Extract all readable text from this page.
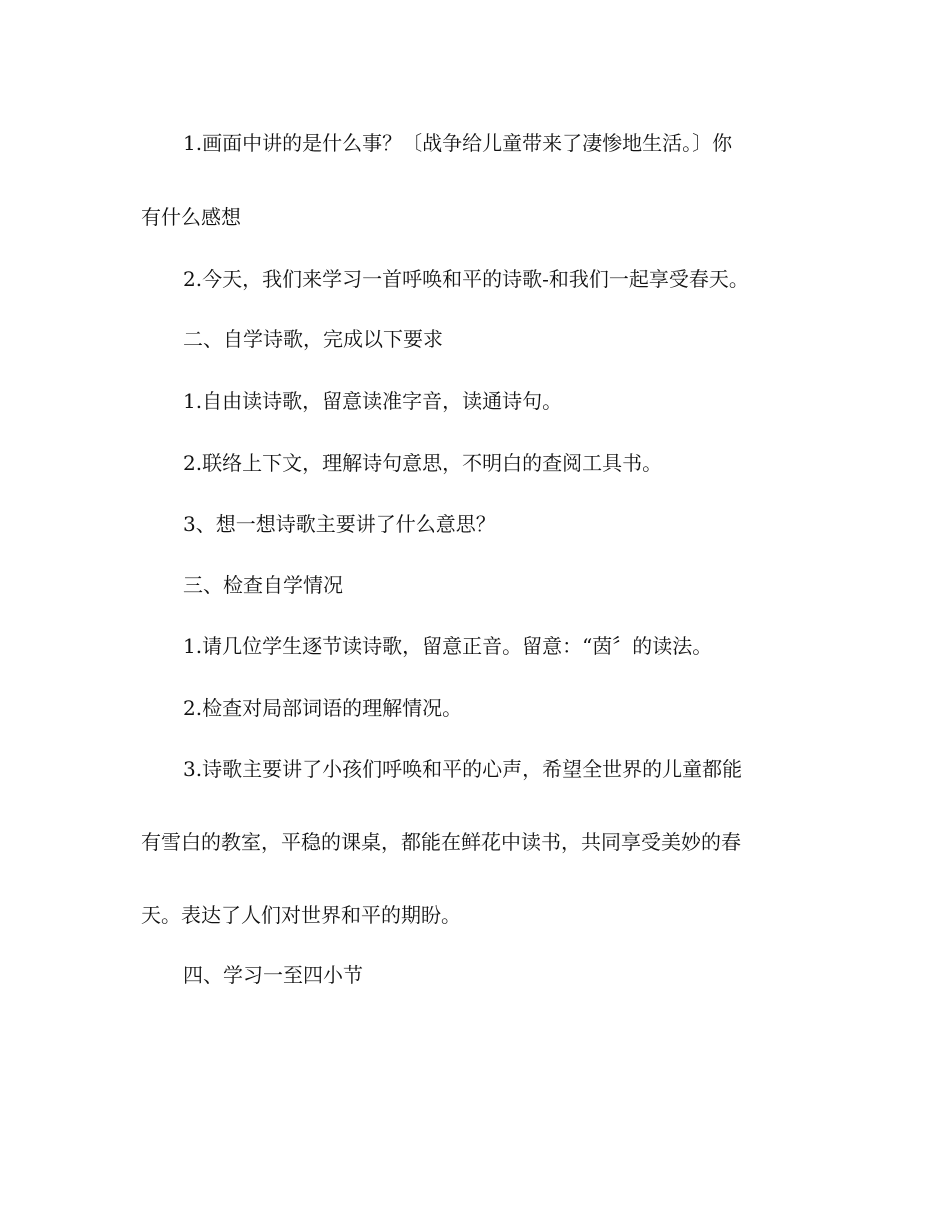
1.画面中讲的是什么事？〔战争给儿童带来了凄惨地生活。〕你
有什么感想
2.今天，我们来学习一首呼唤和平的诗歌-和我们一起享受春天。
二、自学诗歌，完成以下要求
1.自由读诗歌，留意读准字音，读通诗句。
2.联络上下文，理解诗句意思，不明白的查阅工具书。
3、想一想诗歌主要讲了什么意思？
三、检查自学情况
1.请几位学生逐节读诗歌，留意正音。留意：“茵〞的读法。
2.检查对局部词语的理解情况。
3.诗歌主要讲了小孩们呼唤和平的心声，希望全世界的儿童都能
有雪白的教室，平稳的课桌，都能在鲜花中读书，共同享受美妙的春
天。表达了人们对世界和平的期盼。
四、学习一至四小节
